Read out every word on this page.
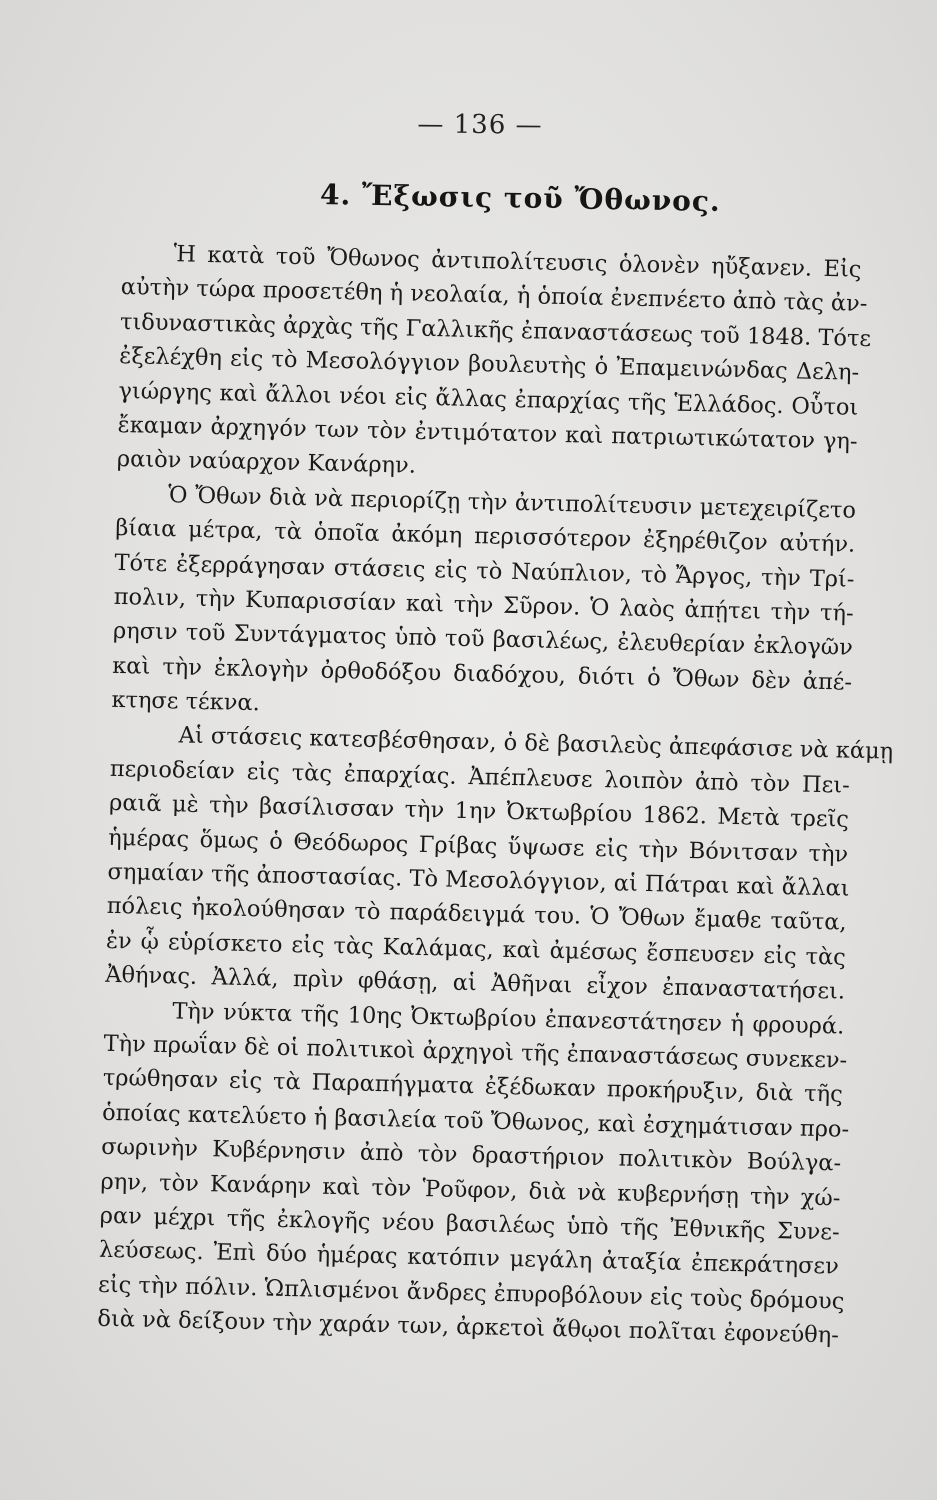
— 136 —
4. Ἔξωσις τοῦ Ὄθωνος.
Ἡ κατὰ τοῦ Ὄθωνος ἀντιπολίτευσις ὁλονὲν ηὔξανεν. Εἰς
αὐτὴν τώρα προσετέθη ἡ νεολαία, ἡ ὁποία ἐνεπνέετο ἀπὸ τὰς ἀν-
τιδυναστικὰς ἀρχὰς τῆς Γαλλικῆς ἐπαναστάσεως τοῦ 1848. Τότε
ἐξελέχθη εἰς τὸ Μεσολόγγιον βουλευτὴς ὁ Ἐπαμεινώνδας Δελη-
γιώργης καὶ ἄλλοι νέοι εἰς ἄλλας ἐπαρχίας τῆς Ἑλλάδος. Οὗτοι
ἔκαμαν ἀρχηγόν των τὸν ἐντιμότατον καὶ πατριωτικώτατον γη-
ραιὸν ναύαρχον Κανάρην.
Ὁ Ὄθων διὰ νὰ περιορίζῃ τὴν ἀντιπολίτευσιν μετεχειρίζετο
βίαια μέτρα, τὰ ὁποῖα ἀκόμη περισσότερον ἐξηρέθιζον αὐτήν.
Τότε ἐξερράγησαν στάσεις εἰς τὸ Ναύπλιον, τὸ Ἄργος, τὴν Τρί-
πολιν, τὴν Κυπαρισσίαν καὶ τὴν Σῦρον. Ὁ λαὸς ἀπῄτει τὴν τή-
ρησιν τοῦ Συντάγματος ὑπὸ τοῦ βασιλέως, ἐλευθερίαν ἐκλογῶν
καὶ τὴν ἐκλογὴν ὀρθοδόξου διαδόχου, διότι ὁ Ὄθων δὲν ἀπέ-
κτησε τέκνα.
Αἱ στάσεις κατεσβέσθησαν, ὁ δὲ βασιλεὺς ἀπεφάσισε νὰ κάμῃ
περιοδείαν εἰς τὰς ἐπαρχίας. Ἀπέπλευσε λοιπὸν ἀπὸ τὸν Πει-
ραιᾶ μὲ τὴν βασίλισσαν τὴν 1ην Ὀκτωβρίου 1862. Μετὰ τρεῖς
ἡμέρας ὅμως ὁ Θεόδωρος Γρίβας ὕψωσε εἰς τὴν Βόνιτσαν τὴν
σημαίαν τῆς ἀποστασίας. Τὸ Μεσολόγγιον, αἱ Πάτραι καὶ ἄλλαι
πόλεις ἠκολούθησαν τὸ παράδειγμά του. Ὁ Ὄθων ἔμαθε ταῦτα,
ἐν ᾧ εὑρίσκετο εἰς τὰς Καλάμας, καὶ ἀμέσως ἔσπευσεν εἰς τὰς
Ἀθήνας. Ἀλλά, πρὶν φθάσῃ, αἱ Ἀθῆναι εἶχον ἐπαναστατήσει.
Τὴν νύκτα τῆς 10ης Ὀκτωβρίου ἐπανεστάτησεν ἡ φρουρά.
Τὴν πρωΐαν δὲ οἱ πολιτικοὶ ἀρχηγοὶ τῆς ἐπαναστάσεως συνεκεν-
τρώθησαν εἰς τὰ Παραπήγματα ἐξέδωκαν προκήρυξιν, διὰ τῆς
ὁποίας κατελύετο ἡ βασιλεία τοῦ Ὄθωνος, καὶ ἐσχημάτισαν προ-
σωρινὴν Κυβέρνησιν ἀπὸ τὸν δραστήριον πολιτικὸν Βούλγα-
ρην, τὸν Κανάρην καὶ τὸν Ῥοῦφον, διὰ νὰ κυβερνήσῃ τὴν χώ-
ραν μέχρι τῆς ἐκλογῆς νέου βασιλέως ὑπὸ τῆς Ἐθνικῆς Συνε-
λεύσεως. Ἐπὶ δύο ἡμέρας κατόπιν μεγάλη ἀταξία ἐπεκράτησεν
εἰς τὴν πόλιν. Ὡπλισμένοι ἄνδρες ἐπυροβόλουν εἰς τοὺς δρόμους
διὰ νὰ δείξουν τὴν χαράν των, ἀρκετοὶ ἄθῳοι πολῖται ἐφονεύθη-
